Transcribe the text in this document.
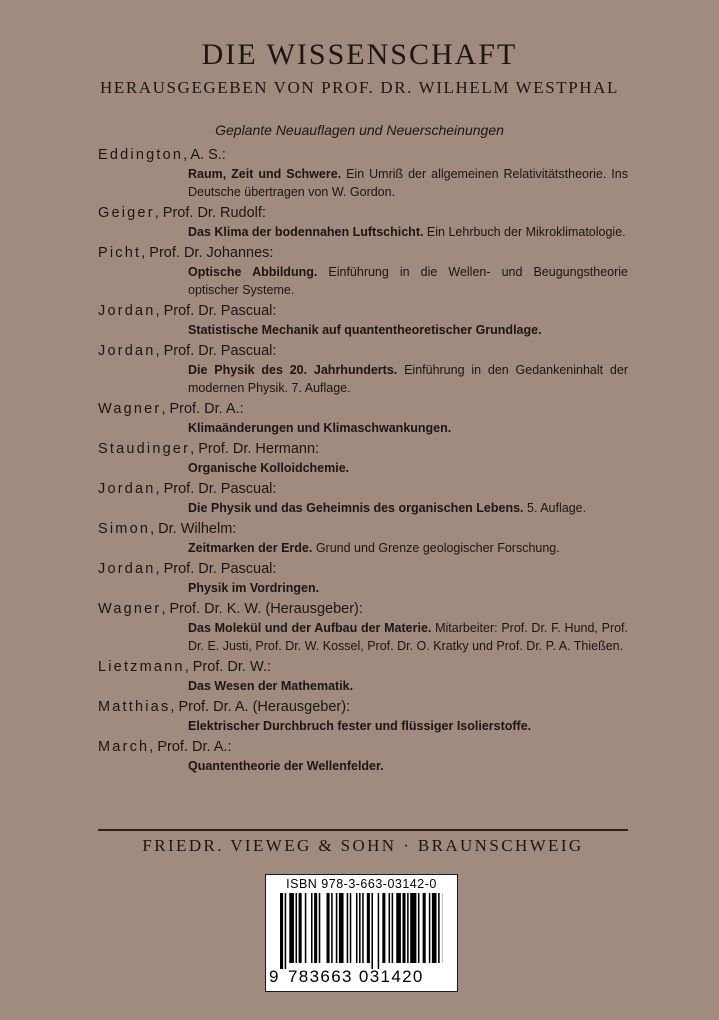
DIE WISSENSCHAFT
HERAUSGEGEBEN VON PROF. DR. WILHELM WESTPHAL
Geplante Neuauflagen und Neuerscheinungen
Eddington, A. S.:
Raum, Zeit und Schwere. Ein Umriß der allgemeinen Relativitätstheorie. Ins Deutsche übertragen von W. Gordon.
Geiger, Prof. Dr. Rudolf:
Das Klima der bodennahen Luftschicht. Ein Lehrbuch der Mikroklimatologie.
Picht, Prof. Dr. Johannes:
Optische Abbildung. Einführung in die Wellen- und Beugungstheorie optischer Systeme.
Jordan, Prof. Dr. Pascual:
Statistische Mechanik auf quantentheoretischer Grundlage.
Jordan, Prof. Dr. Pascual:
Die Physik des 20. Jahrhunderts. Einführung in den Gedankeninhalt der modernen Physik. 7. Auflage.
Wagner, Prof. Dr. A.:
Klimaänderungen und Klimaschwankungen.
Staudinger, Prof. Dr. Hermann:
Organische Kolloidchemie.
Jordan, Prof. Dr. Pascual:
Die Physik und das Geheimnis des organischen Lebens. 5. Auflage.
Simon, Dr. Wilhelm:
Zeitmarken der Erde. Grund und Grenze geologischer Forschung.
Jordan, Prof. Dr. Pascual:
Physik im Vordringen.
Wagner, Prof. Dr. K. W. (Herausgeber):
Das Molekül und der Aufbau der Materie. Mitarbeiter: Prof. Dr. F. Hund, Prof. Dr. E. Justi, Prof. Dr. W. Kossel, Prof. Dr. O. Kratky und Prof. Dr. P. A. Thießen.
Lietzmann, Prof. Dr. W.:
Das Wesen der Mathematik.
Matthias, Prof. Dr. A. (Herausgeber):
Elektrischer Durchbruch fester und flüssiger Isolierstoffe.
March, Prof. Dr. A.:
Quantentheorie der Wellenfelder.
FRIEDR. VIEWEG & SOHN · BRAUNSCHWEIG
ISBN 978-3-663-03142-0
9 783663 031420
